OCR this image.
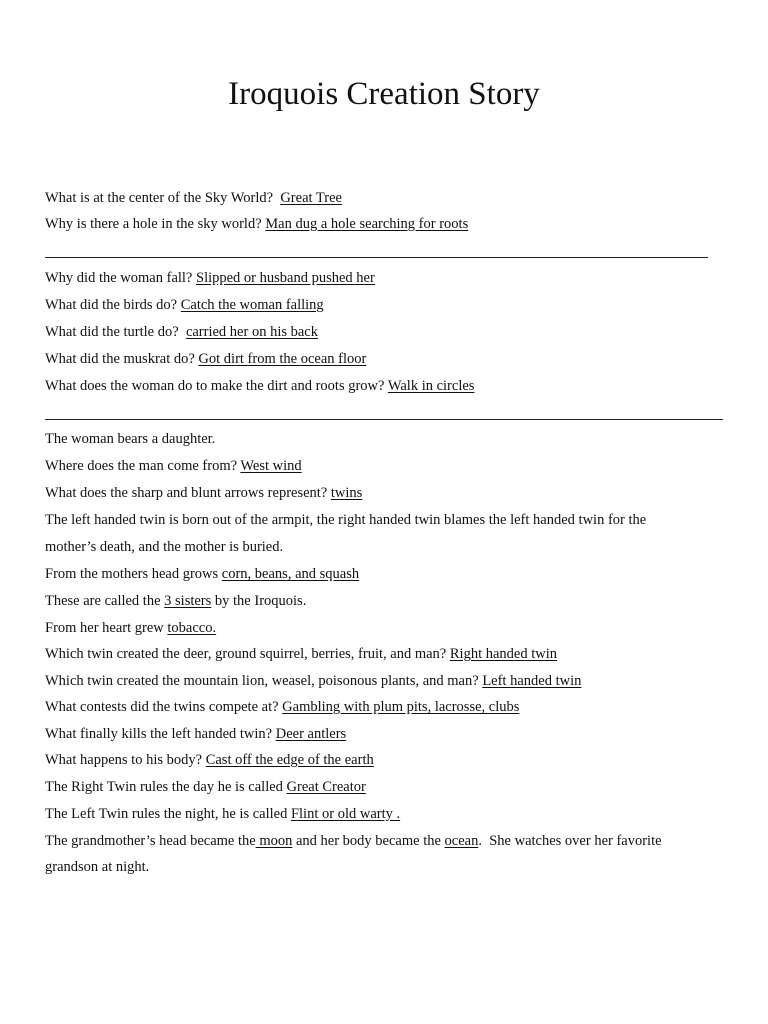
Iroquois Creation Story
What is at the center of the Sky World?  Great Tree
Why is there a hole in the sky world? Man dug a hole searching for roots
Why did the woman fall? Slipped or husband pushed her
What did the birds do? Catch the woman falling
What did the turtle do?  carried her on his back
What did the muskrat do? Got dirt from the ocean floor
What does the woman do to make the dirt and roots grow? Walk in circles
The woman bears a daughter.
Where does the man come from? West wind
What does the sharp and blunt arrows represent? twins
The left handed twin is born out of the armpit, the right handed twin blames the left handed twin for the
mother’s death, and the mother is buried.
From the mothers head grows corn, beans, and squash
These are called the 3 sisters by the Iroquois.
From her heart grew tobacco.
Which twin created the deer, ground squirrel, berries, fruit, and man? Right handed twin
Which twin created the mountain lion, weasel, poisonous plants, and man? Left handed twin
What contests did the twins compete at? Gambling with plum pits, lacrosse, clubs
What finally kills the left handed twin? Deer antlers
What happens to his body? Cast off the edge of the earth
The Right Twin rules the day he is called Great Creator
The Left Twin rules the night, he is called Flint or old warty .
The grandmother’s head became the moon and her body became the ocean.  She watches over her favorite
grandson at night.
